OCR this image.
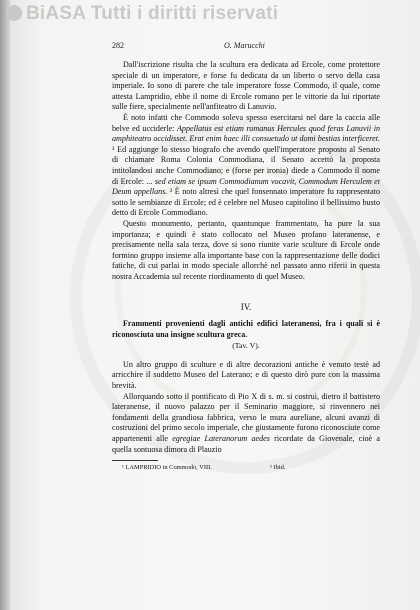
BiASA Tutti i diritti riservati
282	O. Marucchi

Dall'iscrizione risulta che la scultura era dedicata ad Ercole, come protettore speciale di un imperatore, e forse fu dedicata da un liberto o servo della casa imperiale. Io sono di parere che tale imperatore fosse Commodo, il quale, come attesta Lampridio, ebbe il nome di Ercole romano per le vittorie da lui riportate sulle fiere, specialmente nell'anfiteatro di Lanuvio.

È noto infatti che Commodo soleva spesso esercitarsi nel dare la caccia alle belve ed ucciderle: Appellatus est etiam romanus Hercules quod feras Lanuvii in amphiteatro occidisset. Erat enim haec illi consuetudo ut domi bestias interficeret. ¹ Ed aggiunge lo stesso biografo che avendo quell'imperatore proposto al Senato di chiamare Roma Colonia Commodiana, il Senato accettò la proposta intitolandosi anche Commodiano; e (forse per ironia) diede a Commodo il nome di Ercole: ... sed etiam se ipsum Commodianum vocavit, Commodum Herculem et Deum appellans. ² È noto altresì che quel fonsennato imperatore fu rappresentato sotto le sembianze di Ercole; ed è celebre nel Museo capitolino il bellissimo busto detto di Ercole Commodiano.

Questo monumento, pertanto, quantunque frammentato, ha pure la sua importanza; e quindi è stato collocato nel Museo profano lateranense, e precisamente nella sala terza, dove si sono riunite varie sculture di Ercole onde formino gruppo insieme alla importante base con la rappresentazione delle dodici fatiche, di cui parlai in modo speciale allorchè nel passato anno riferii in questa nostra Accademia sul recente riordinamento di quel Museo.

IV.

Frammenti provenienti dagli antichi edifici lateranensi, fra i quali si è riconosciuta una insigne scultura greca.

(Tav. V).

Un altro gruppo di sculture e di altre decorazioni antiche è venuto testè ad arricchire il suddetto Museo del Laterano; e di questo dirò pure con la massima brevità.

Allorquando sotto il pontificato di Pio X di s. m. si costruì, dietro il battistero lateranense, il nuovo palazzo per il Seminario maggiore, si rinvennero nei fondamenti della grandiosa fabbrica, verso le mura aureliane, alcuni avanzi di costruzioni del primo secolo imperiale, che giustamente furono riconosciute come appartenenti alle egregiae Lateranorum aedes ricordate da Giovenale, cioè a quella sontuosa dimora di Plauzio

¹ LAMPRIDIO in Commodo, VIII.	² Ibid.
